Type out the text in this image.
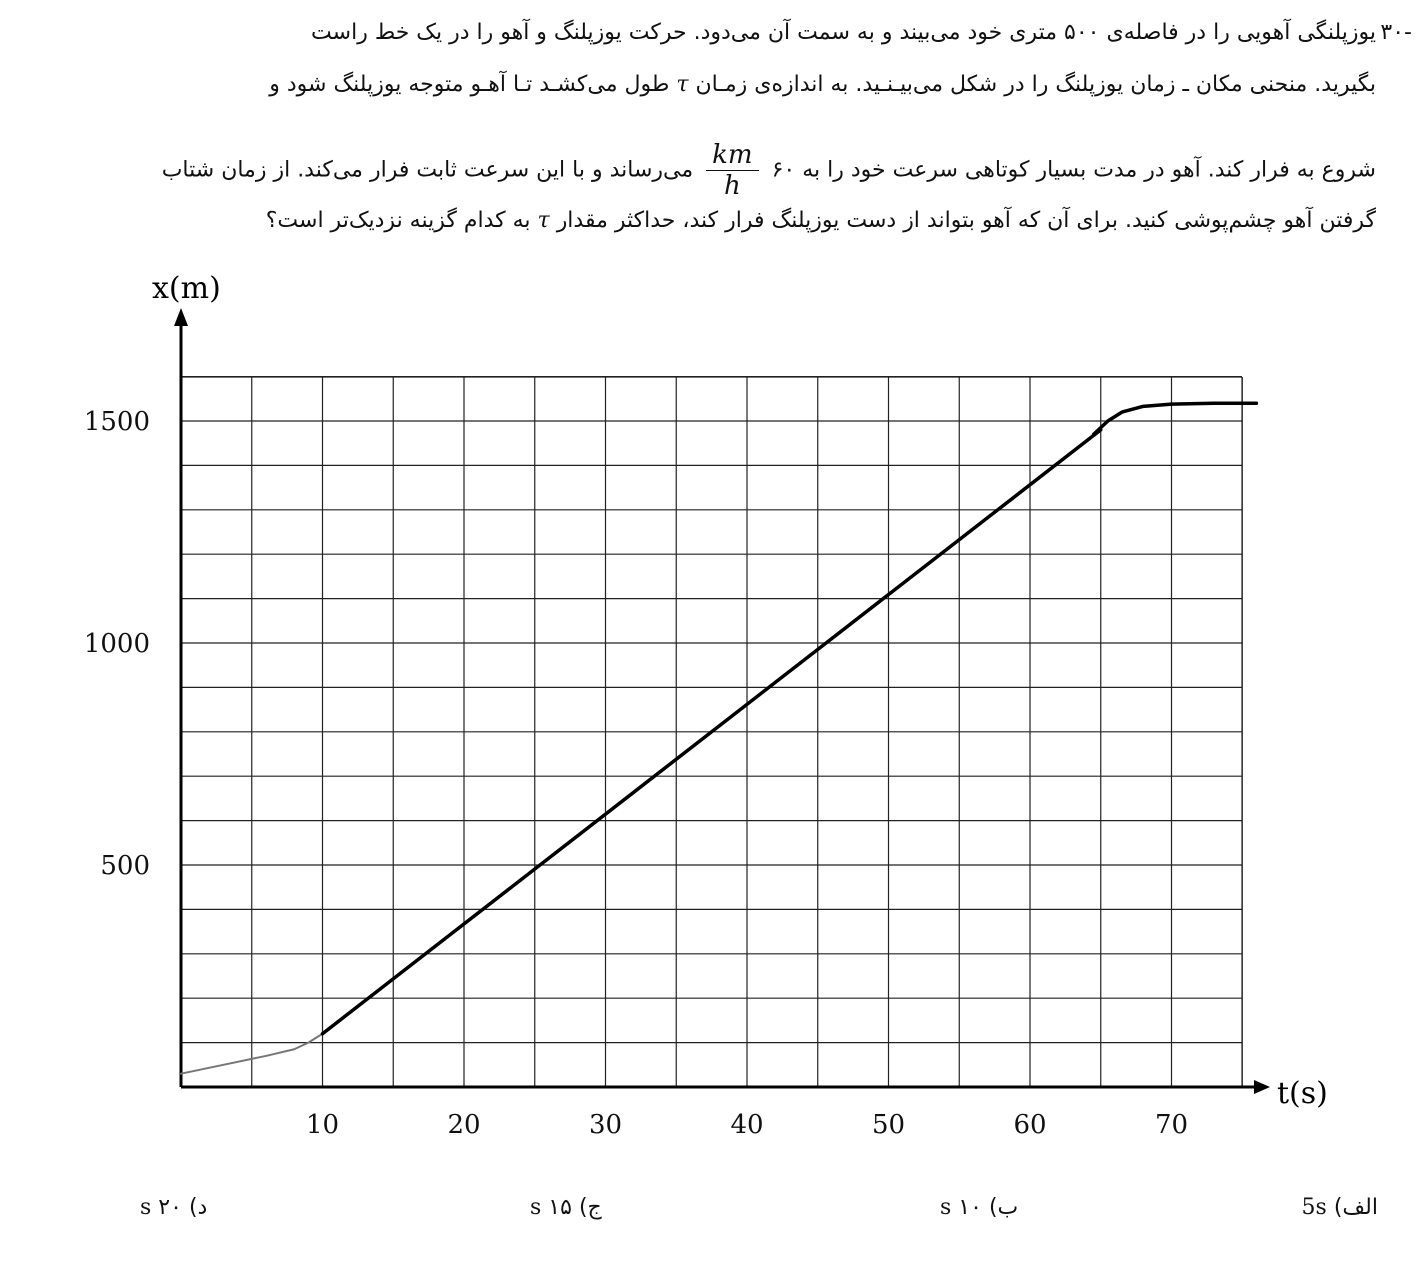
-۳۰
یوزپلنگی آهویی را در فاصله‌ی ۵۰۰ متری خود می‌بیند و به سمت آن می‌دود. حرکت یوزپلنگ و آهو را در یک خط راست
بگیرید. منحنی مکان ـ زمان یوزپلنگ را در شکل می‌بیـنـید. به اندازه‌ی زمـان τ طول می‌کشـد تـا آهـو متوجه یوزپلنگ شود و
شروع به فرار کند. آهو در مدت بسیار کوتاهی سرعت خود را به ۶۰
$\frac{km}{h}$
می‌رساند و با این سرعت ثابت فرار می‌کند. از زمان شتاب
گرفتن آهو چشم‌پوشی کنید. برای آن که آهو بتواند از دست یوزپلنگ فرار کند، حداکثر مقدار τ به کدام گزینه نزدیک‌تر است؟
10	20	30	40	50	60	70
500
1000
1500
t(s)
x(m)
الف) 5s
ب) ۱۰ s
ج) ۱۵ s
د) ۲۰ s
